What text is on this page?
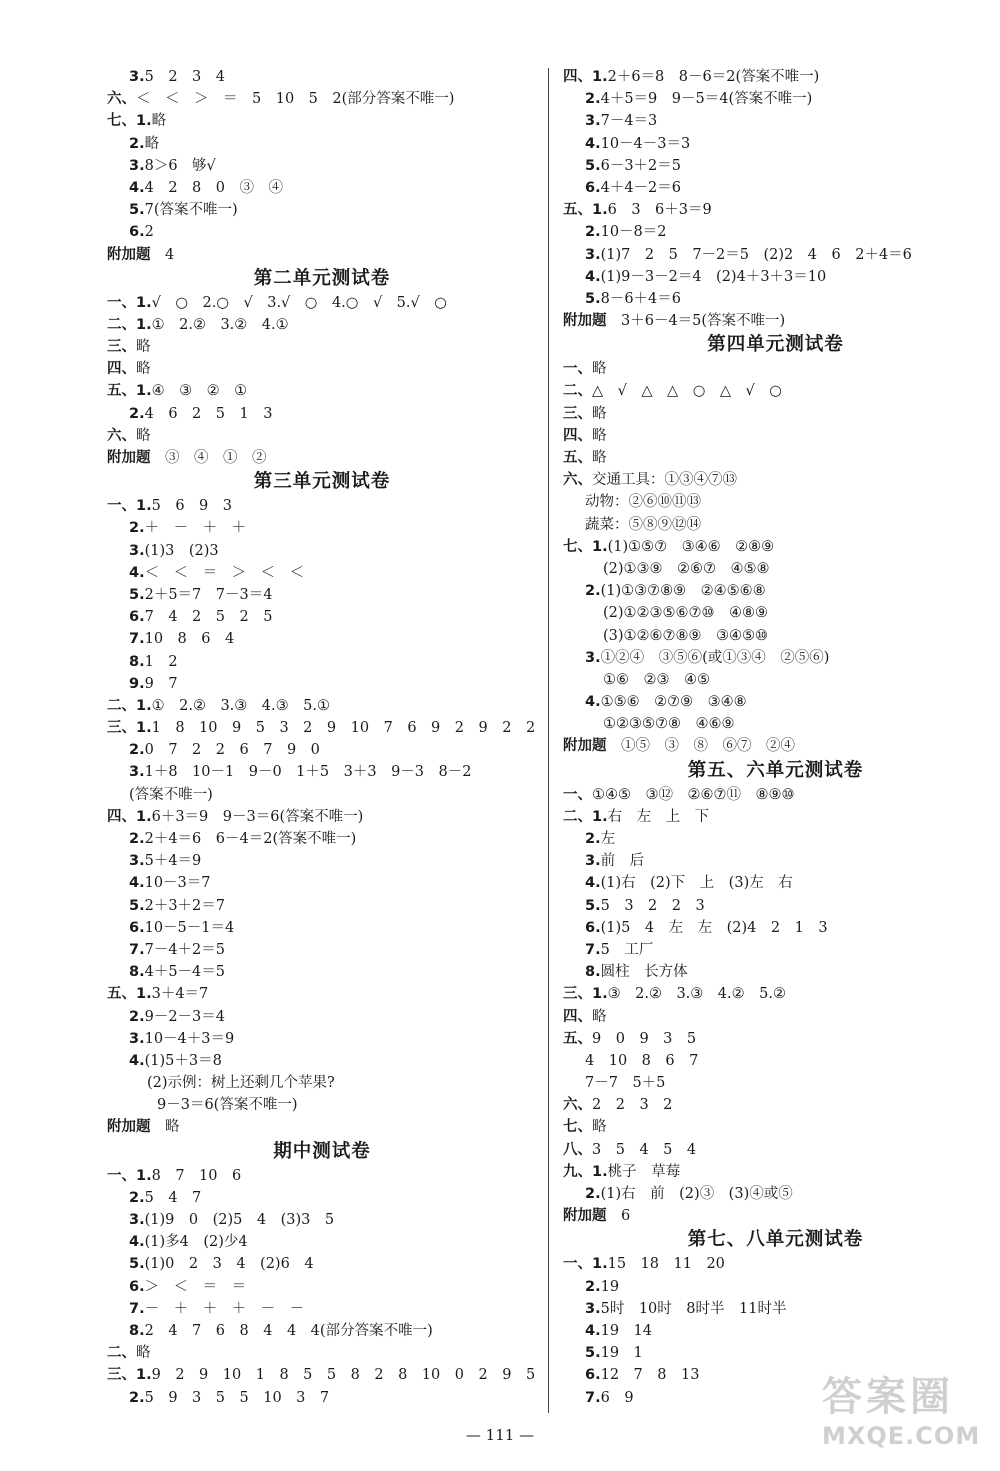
3.5　2　3　4
六、＜　＜　＞　＝　5　10　5　2(部分答案不唯一)
七、1.略
2.略
3.8＞6　够√
4.4　2　8　0　③　④
5.7(答案不唯一)
6.2
附加题　4
第二单元测试卷
一、1.√　○　2.○　√　3.√　○　4.○　√　5.√　○
二、1.①　2.②　3.②　4.①
三、略
四、略
五、1.④　③　②　①
2.4　6　2　5　1　3
六、略
附加题　③　④　①　②
第三单元测试卷
一、1.5　6　9　3
2.＋　－　＋　＋
3.(1)3　(2)3
4.＜　＜　＝　＞　＜　＜
5.2＋5＝7　7－3＝4
6.7　4　2　5　2　5
7.10　8　6　4
8.1　2
9.9　7
二、1.①　2.②　3.③　4.③　5.①
三、1.1　8　10　9　5　3　2　9　10　7　6　9　2　9　2　2
2.0　7　2　2　6　7　9　0
3.1＋8　10－1　9－0　1＋5　3＋3　9－3　8－2
(答案不唯一)
四、1.6＋3＝9　9－3＝6(答案不唯一)
2.2＋4＝6　6－4＝2(答案不唯一)
3.5＋4＝9
4.10－3＝7
5.2＋3＋2＝7
6.10－5－1＝4
7.7－4＋2＝5
8.4＋5－4＝5
五、1.3＋4＝7
2.9－2－3＝4
3.10－4＋3＝9
4.(1)5＋3＝8
(2)示例：树上还剩几个苹果?
9－3＝6(答案不唯一)
附加题　略
期中测试卷
一、1.8　7　10　6
2.5　4　7
3.(1)9　0　(2)5　4　(3)3　5
4.(1)多4　(2)少4
5.(1)0　2　3　4　(2)6　4
6.＞　＜　＝　＝
7.－　＋　＋　＋　－　－
8.2　4　7　6　8　4　4　4(部分答案不唯一)
二、略
三、1.9　2　9　10　1　8　5　5　8　2　8　10　0　2　9　5
2.5　9　3　5　5　10　3　7
四、1.2＋6＝8　8－6＝2(答案不唯一)
2.4＋5＝9　9－5＝4(答案不唯一)
3.7－4＝3
4.10－4－3＝3
5.6－3＋2＝5
6.4＋4－2＝6
五、1.6　3　6＋3＝9
2.10－8＝2
3.(1)7　2　5　7－2＝5　(2)2　4　6　2＋4＝6
4.(1)9－3－2＝4　(2)4＋3＋3＝10
5.8－6＋4＝6
附加题　3＋6－4＝5(答案不唯一)
第四单元测试卷
一、略
二、△　√　△　△　○　△　√　○
三、略
四、略
五、略
六、交通工具：①③④⑦⑬
动物：②⑥⑩⑪⑬
蔬菜：⑤⑧⑨⑫⑭
七、1.(1)①⑤⑦　③④⑥　②⑧⑨
(2)①③⑨　②⑥⑦　④⑤⑧
2.(1)①③⑦⑧⑨　②④⑤⑥⑧
(2)①②③⑤⑥⑦⑩　④⑧⑨
(3)①②⑥⑦⑧⑨　③④⑤⑩
3.①②④　③⑤⑥(或①③④　②⑤⑥)
①⑥　②③　④⑤
4.①⑤⑥　②⑦⑨　③④⑧
①②③⑤⑦⑧　④⑥⑨
附加题　①⑤　③　⑧　⑥⑦　②④
第五、六单元测试卷
一、①④⑤　③⑫　②⑥⑦⑪　⑧⑨⑩
二、1.右　左　上　下
2.左
3.前　后
4.(1)右　(2)下　上　(3)左　右
5.5　3　2　2　3
6.(1)5　4　左　左　(2)4　2　1　3
7.5　工厂
8.圆柱　长方体
三、1.③　2.②　3.③　4.②　5.②
四、略
五、9　0　9　3　5
4　10　8　6　7
7－7　5＋5
六、2　2　3　2
七、略
八、3　5　4　5　4
九、1.桃子　草莓
2.(1)右　前　(2)③　(3)④或⑤
附加题　6
第七、八单元测试卷
一、1.15　18　11　20
2.19
3.5时　10时　8时半　11时半
4.19　14
5.19　1
6.12　7　8　13
7.6　9
— 111 —
答案圈
MXQE.COM
